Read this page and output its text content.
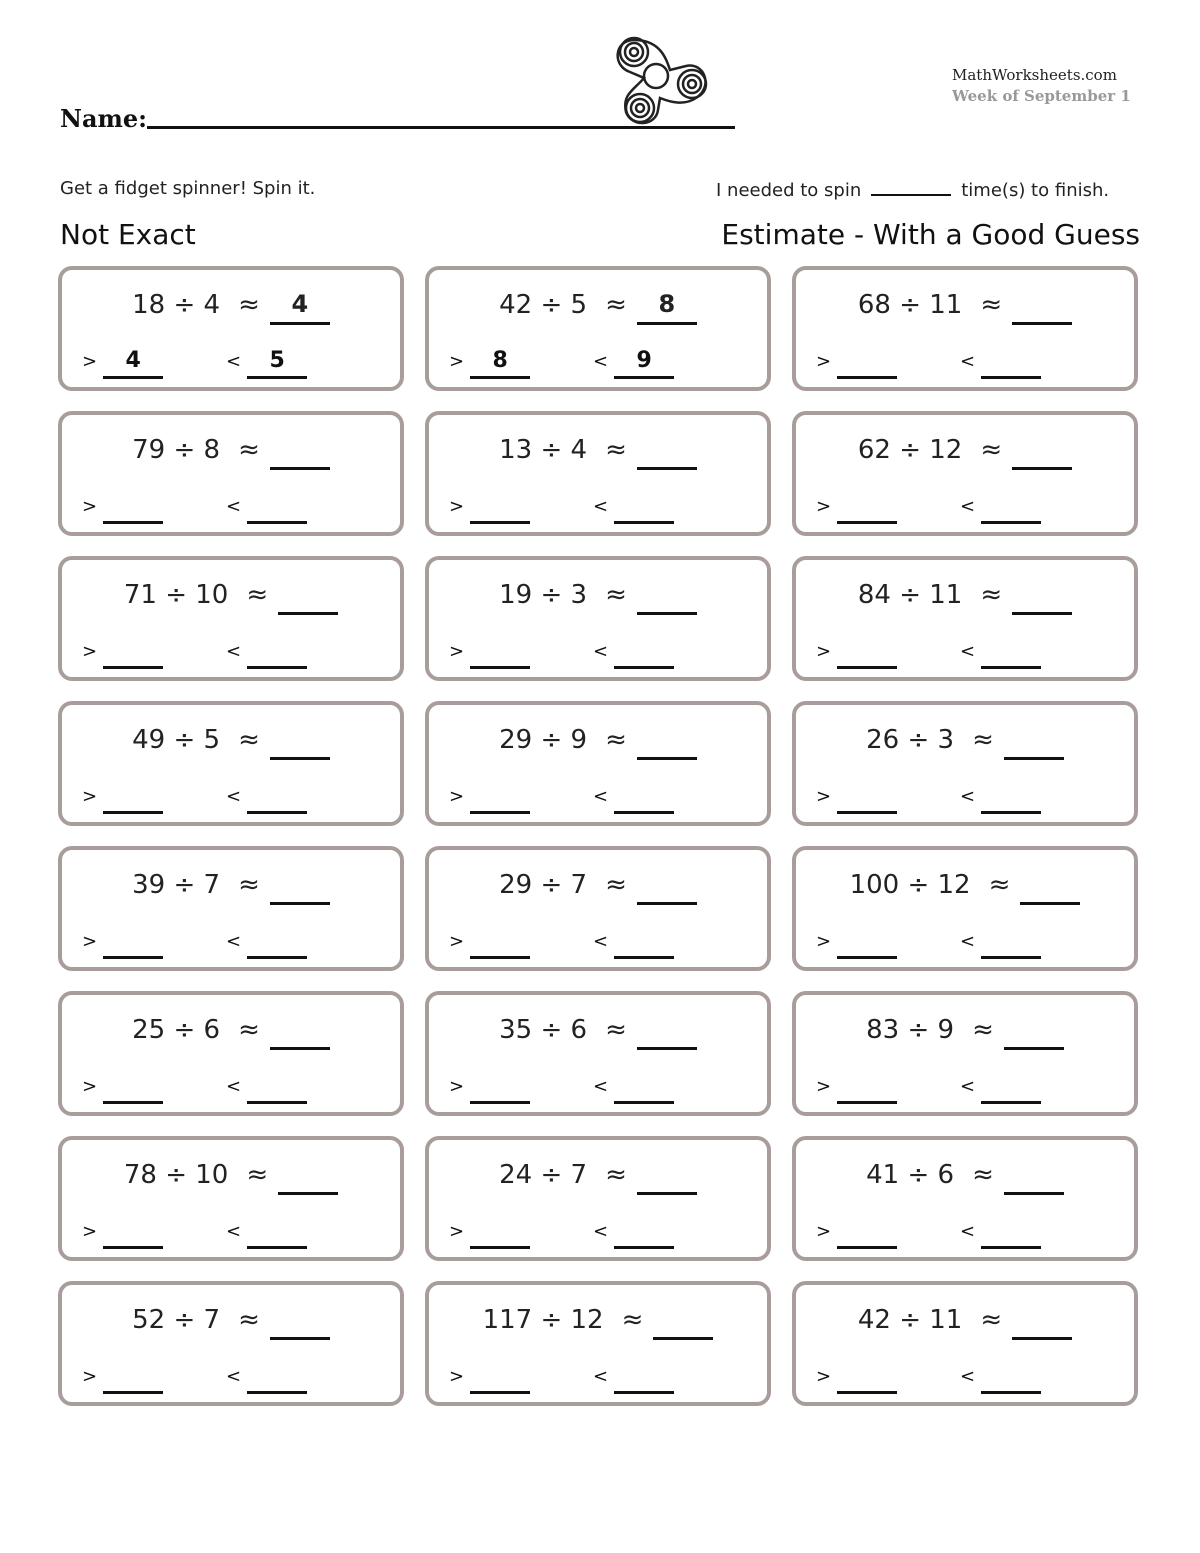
Name:
MathWorksheets.com
Week of September 1
Get a fidget spinner! Spin it.	I needed to spin	time(s) to finish.
Not Exact	Estimate - With a Good Guess
18 ÷ 4 ≈ 4
> 4	< 5
42 ÷ 5 ≈ 8
> 8	< 9
68 ÷ 11 ≈
>	<
79 ÷ 8 ≈
>	<
13 ÷ 4 ≈
>	<
62 ÷ 12 ≈
>	<
71 ÷ 10 ≈
>	<
19 ÷ 3 ≈
>	<
84 ÷ 11 ≈
>	<
49 ÷ 5 ≈
>	<
29 ÷ 9 ≈
>	<
26 ÷ 3 ≈
>	<
39 ÷ 7 ≈
>	<
29 ÷ 7 ≈
>	<
100 ÷ 12 ≈
>	<
25 ÷ 6 ≈
>	<
35 ÷ 6 ≈
>	<
83 ÷ 9 ≈
>	<
78 ÷ 10 ≈
>	<
24 ÷ 7 ≈
>	<
41 ÷ 6 ≈
>	<
52 ÷ 7 ≈
>	<
117 ÷ 12 ≈
>	<
42 ÷ 11 ≈
>	<
